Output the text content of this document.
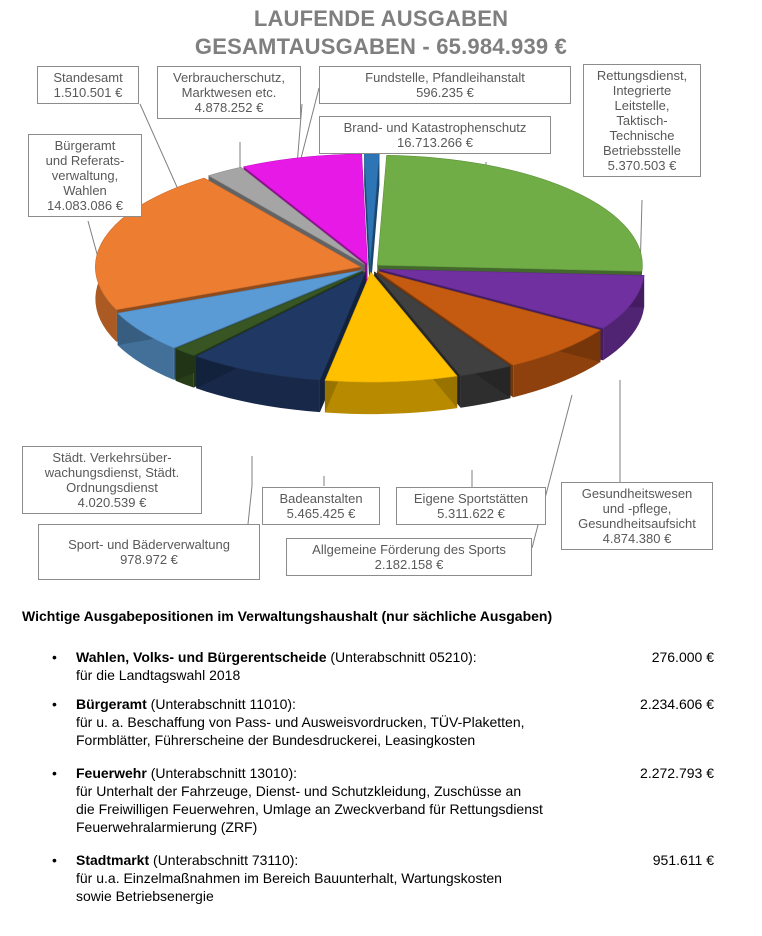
LAUFENDE AUSGABEN
GESAMTAUSGABEN - 65.984.939 €
Standesamt
1.510.501 €
Verbraucherschutz,
Marktwesen etc.
4.878.252 €
Fundstelle, Pfandleihanstalt
596.235 €
Rettungsdienst,
Integrierte
Leitstelle,
Taktisch-
Technische
Betriebsstelle
5.370.503 €
Brand- und Katastrophenschutz
16.713.266 €
Bürgeramt
und Referats-
verwaltung,
Wahlen
14.083.086 €
Städt. Verkehrsüber-
wachungsdienst, Städt.
Ordnungsdienst
4.020.539 €	Badeanstalten
5.465.425 €
Eigene Sportstätten
5.311.622 €
Gesundheitswesen
und -pflege,
Gesundheitsaufsicht
4.874.380 €
Sport- und Bäderverwaltung
978.972 €
Allgemeine Förderung des Sports
2.182.158 €
Wichtige Ausgabepositionen im Verwaltungshaushalt (nur sächliche Ausgaben)
• Wahlen, Volks- und Bürgerentscheide (Unterabschnitt 05210):
für die Landtagswahl 2018
276.000 €
• Bürgeramt (Unterabschnitt 11010):
für u. a. Beschaffung von Pass- und Ausweisvordrucken, TÜV-Plaketten,
Formblätter, Führerscheine der Bundesdruckerei, Leasingkosten
2.234.606 €
• Feuerwehr (Unterabschnitt 13010):
für Unterhalt der Fahrzeuge, Dienst- und Schutzkleidung, Zuschüsse an
die Freiwilligen Feuerwehren, Umlage an Zweckverband für Rettungsdienst
Feuerwehralarmierung (ZRF)
2.272.793 €
• Stadtmarkt (Unterabschnitt 73110):
für u.a. Einzelmaßnahmen im Bereich Bauunterhalt, Wartungskosten
sowie Betriebsenergie
951.611 €
